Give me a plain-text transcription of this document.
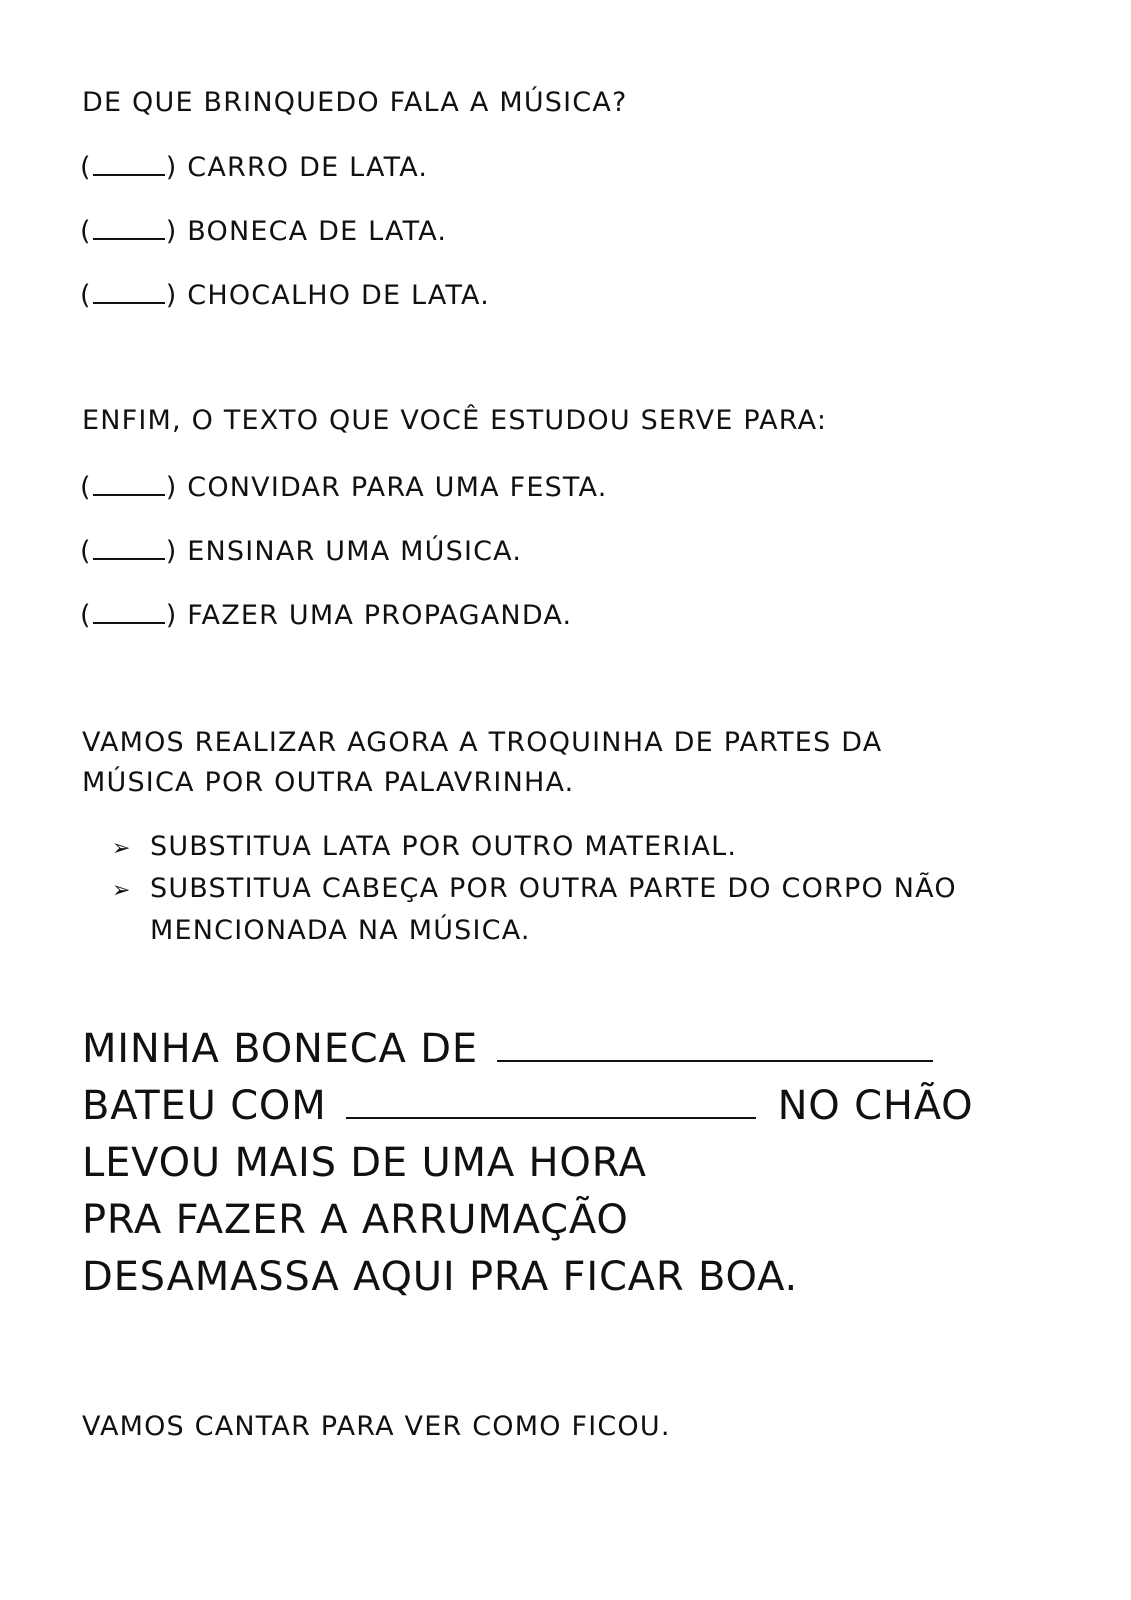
DE QUE BRINQUEDO FALA A MÚSICA?
(	) CARRO DE LATA.
(	) BONECA DE LATA.
(	) CHOCALHO DE LATA.
ENFIM, O TEXTO QUE VOCÊ ESTUDOU SERVE PARA:
(	) CONVIDAR PARA UMA FESTA.
(	) ENSINAR UMA MÚSICA.
(	) FAZER UMA PROPAGANDA.
VAMOS REALIZAR AGORA A TROQUINHA DE PARTES DA
MÚSICA POR OUTRA PALAVRINHA.
➢ SUBSTITUA LATA POR OUTRO MATERIAL.
➢ SUBSTITUA CABEÇA POR OUTRA PARTE DO CORPO NÃO
MENCIONADA NA MÚSICA.
MINHA BONECA DE
BATEU COM	NO CHÃO
LEVOU MAIS DE UMA HORA
PRA FAZER A ARRUMAÇÃO
DESAMASSA AQUI PRA FICAR BOA.
VAMOS CANTAR PARA VER COMO FICOU.
